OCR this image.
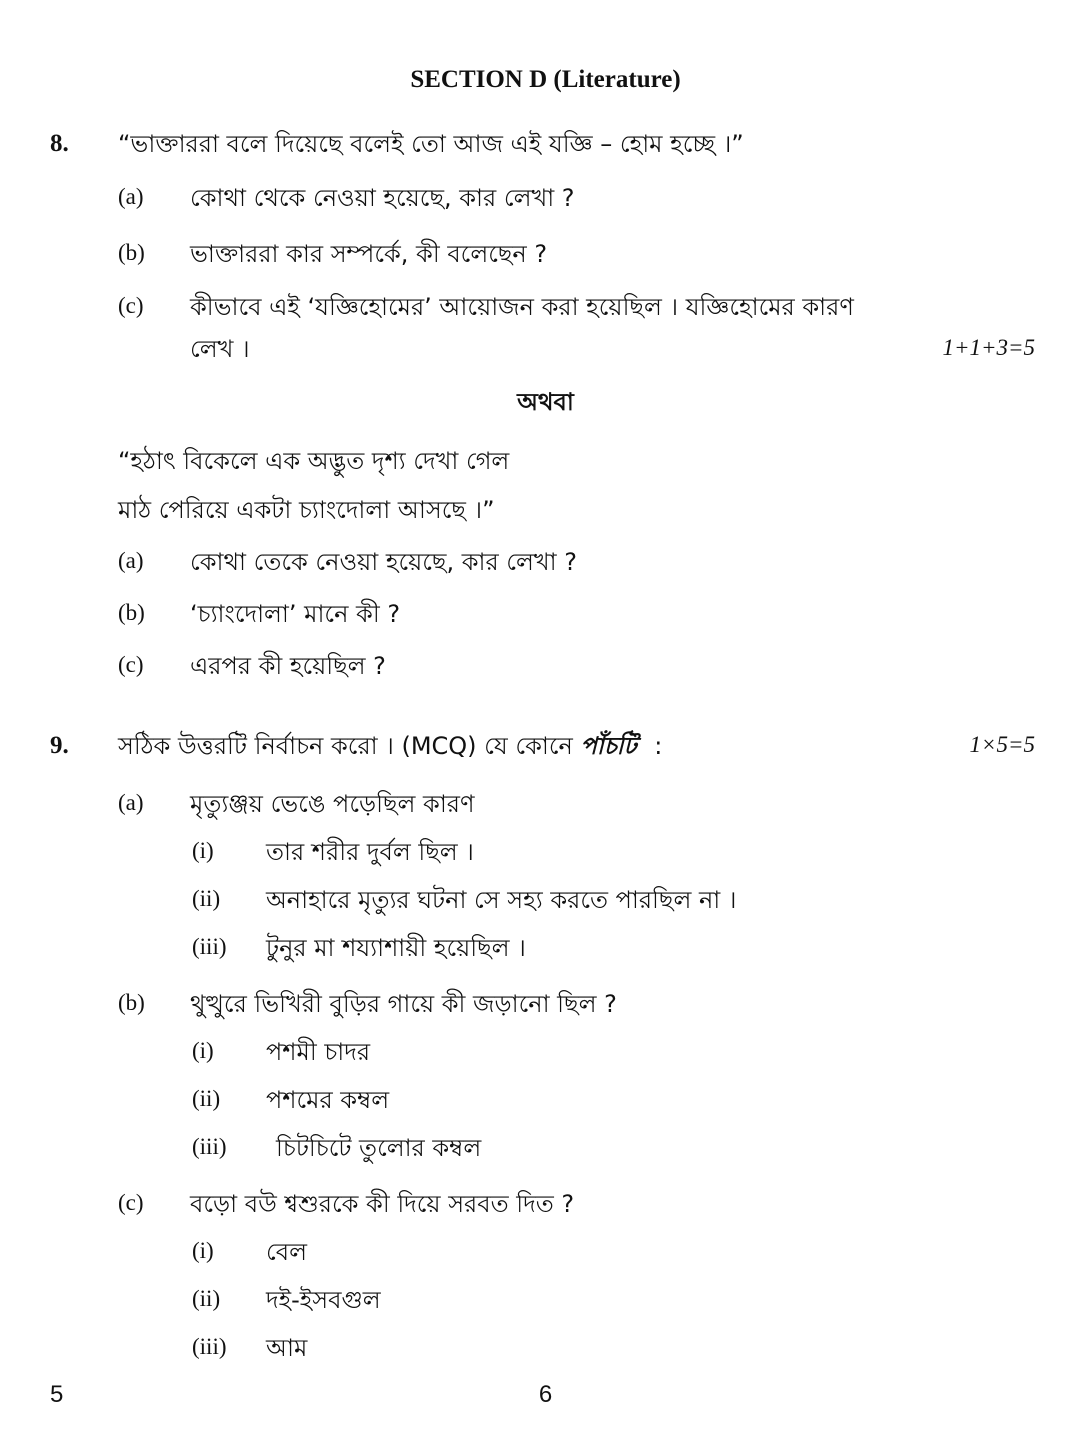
SECTION D (Literature)
8. “ভাক্তাররা বলে দিয়েছে বলেই তো আজ এই যজ্ঞি – হোম হচ্ছে ।”
(a) কোথা থেকে নেওয়া হয়েছে, কার লেখা ?
(b) ভাক্তাররা কার সম্পর্কে, কী বলেছেন ?
(c) কীভাবে এই ‘যজ্ঞিহোমের’ আয়োজন করা হয়েছিল । যজ্ঞিহোমের কারণ
লেখ ।	1+1+3=5
অথবা
“হঠাৎ বিকেলে এক অদ্ভুত দৃশ্য দেখা গেল
মাঠ পেরিয়ে একটা চ্যাংদোলা আসছে ।”
(a) কোথা তেকে নেওয়া হয়েছে, কার লেখা ?
(b) ‘চ্যাংদোলা’ মানে কী ?
(c) এরপর কী হয়েছিল ?
9. সঠিক উত্তরটি নির্বাচন করো । (MCQ) যে কোনে পাঁচটি :	1×5=5
(a) মৃত্যুঞ্জয় ভেঙে পড়েছিল কারণ
(i) তার শরীর দুর্বল ছিল ।
(ii) অনাহারে মৃত্যুর ঘটনা সে সহ্য করতে পারছিল না ।
(iii) টুনুর মা শয্যাশায়ী হয়েছিল ।
(b) থুত্থুরে ভিখিরী বুড়ির গায়ে কী জড়ানো ছিল ?
(i) পশমী চাদর
(ii) পশমের কম্বল
(iii) চিটচিটে তুলোর কম্বল
(c) বড়ো বউ শ্বশুরকে কী দিয়ে সরবত দিত ?
(i) বেল
(ii) দই-ইসবগুল
(iii) আম
5	6
